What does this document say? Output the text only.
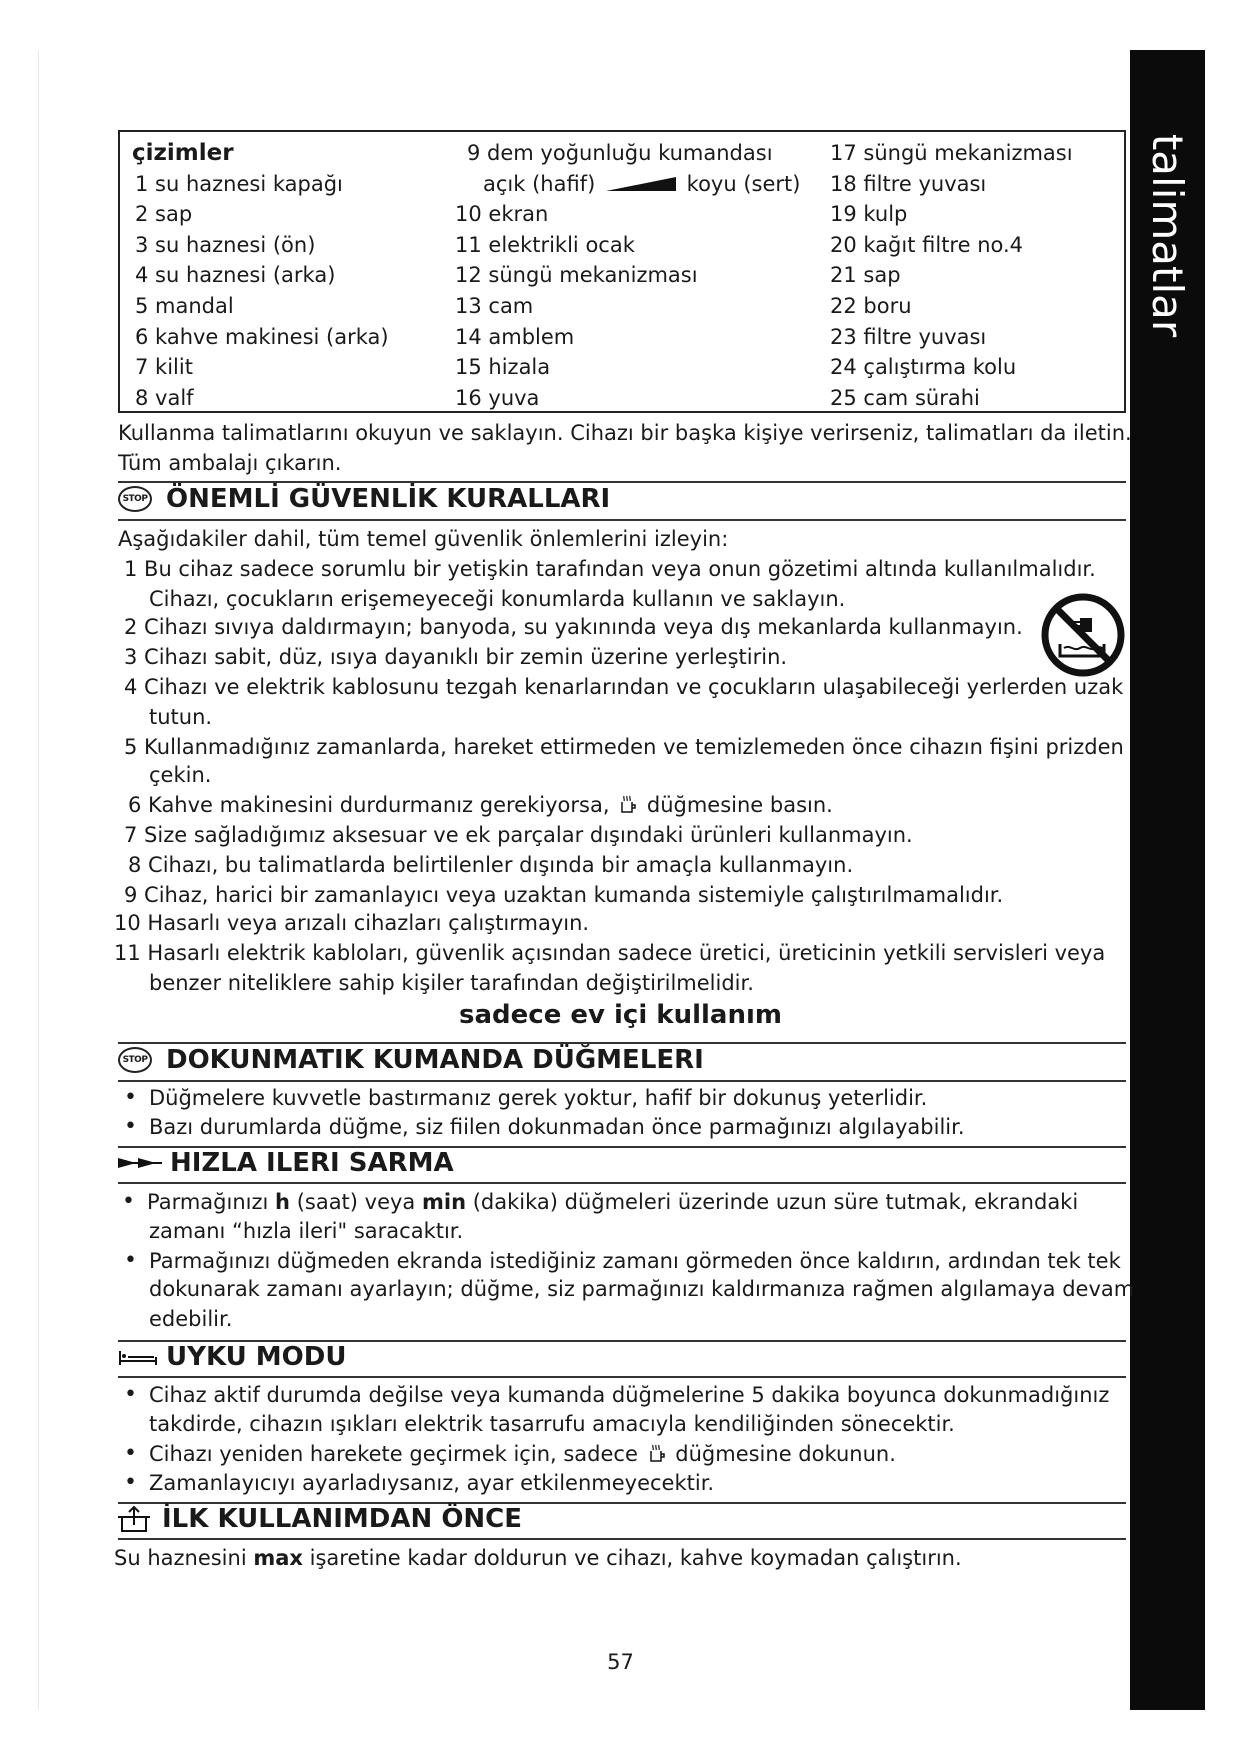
talimatlar
çizimler
1 su haznesi kapağı
2 sap
3 su haznesi (ön)
4 su haznesi (arka)
5 mandal
6 kahve makinesi (arka)
7 kilit
8 valf
9 dem yoğunluğu kumandası
açık (hafif)	koyu (sert)
10 ekran
11 elektrikli ocak
12 süngü mekanizması
13 cam
14 amblem
15 hizala
16 yuva
17 süngü mekanizması
18 filtre yuvası
19 kulp
20 kağıt filtre no.4
21 sap
22 boru
23 filtre yuvası
24 çalıştırma kolu
25 cam sürahi
Kullanma talimatlarını okuyun ve saklayın. Cihazı bir başka kişiye verirseniz, talimatları da iletin.
Tüm ambalajı çıkarın.
STOP ÖNEMLİ GÜVENLİK KURALLARI
Aşağıdakiler dahil, tüm temel güvenlik önlemlerini izleyin:
1 Bu cihaz sadece sorumlu bir yetişkin tarafından veya onun gözetimi altında kullanılmalıdır.
Cihazı, çocukların erişemeyeceği konumlarda kullanın ve saklayın.
2 Cihazı sıvıya daldırmayın; banyoda, su yakınında veya dış mekanlarda kullanmayın.
3 Cihazı sabit, düz, ısıya dayanıklı bir zemin üzerine yerleştirin.
4 Cihazı ve elektrik kablosunu tezgah kenarlarından ve çocukların ulaşabileceği yerlerden uzak
tutun.
5 Kullanmadığınız zamanlarda, hareket ettirmeden ve temizlemeden önce cihazın fişini prizden
çekin.
6 Kahve makinesini durdurmanız gerekiyorsa, düğmesine basın.
7 Size sağladığımız aksesuar ve ek parçalar dışındaki ürünleri kullanmayın.
8 Cihazı, bu talimatlarda belirtilenler dışında bir amaçla kullanmayın.
9 Cihaz, harici bir zamanlayıcı veya uzaktan kumanda sistemiyle çalıştırılmamalıdır.
10 Hasarlı veya arızalı cihazları çalıştırmayın.
11 Hasarlı elektrik kabloları, güvenlik açısından sadece üretici, üreticinin yetkili servisleri veya
benzer niteliklere sahip kişiler tarafından değiştirilmelidir.
sadece ev içi kullanım
STOP DOKUNMATIK KUMANDA DÜĞMELERI
• Düğmelere kuvvetle bastırmanız gerek yoktur, hafif bir dokunuş yeterlidir.
• Bazı durumlarda düğme, siz fiilen dokunmadan önce parmağınızı algılayabilir.
HIZLA ILERI SARMA
• Parmağınızı h (saat) veya min (dakika) düğmeleri üzerinde uzun süre tutmak, ekrandaki
zamanı “hızla ileri" saracaktır.
• Parmağınızı düğmeden ekranda istediğiniz zamanı görmeden önce kaldırın, ardından tek tek
dokunarak zamanı ayarlayın; düğme, siz parmağınızı kaldırmanıza rağmen algılamaya devam
edebilir.
UYKU MODU
• Cihaz aktif durumda değilse veya kumanda düğmelerine 5 dakika boyunca dokunmadığınız
takdirde, cihazın ışıkları elektrik tasarrufu amacıyla kendiliğinden sönecektir.
• Cihazı yeniden harekete geçirmek için, sadece düğmesine dokunun.
• Zamanlayıcıyı ayarladıysanız, ayar etkilenmeyecektir.
İLK KULLANIMDAN ÖNCE
Su haznesini max işaretine kadar doldurun ve cihazı, kahve koymadan çalıştırın.
57
